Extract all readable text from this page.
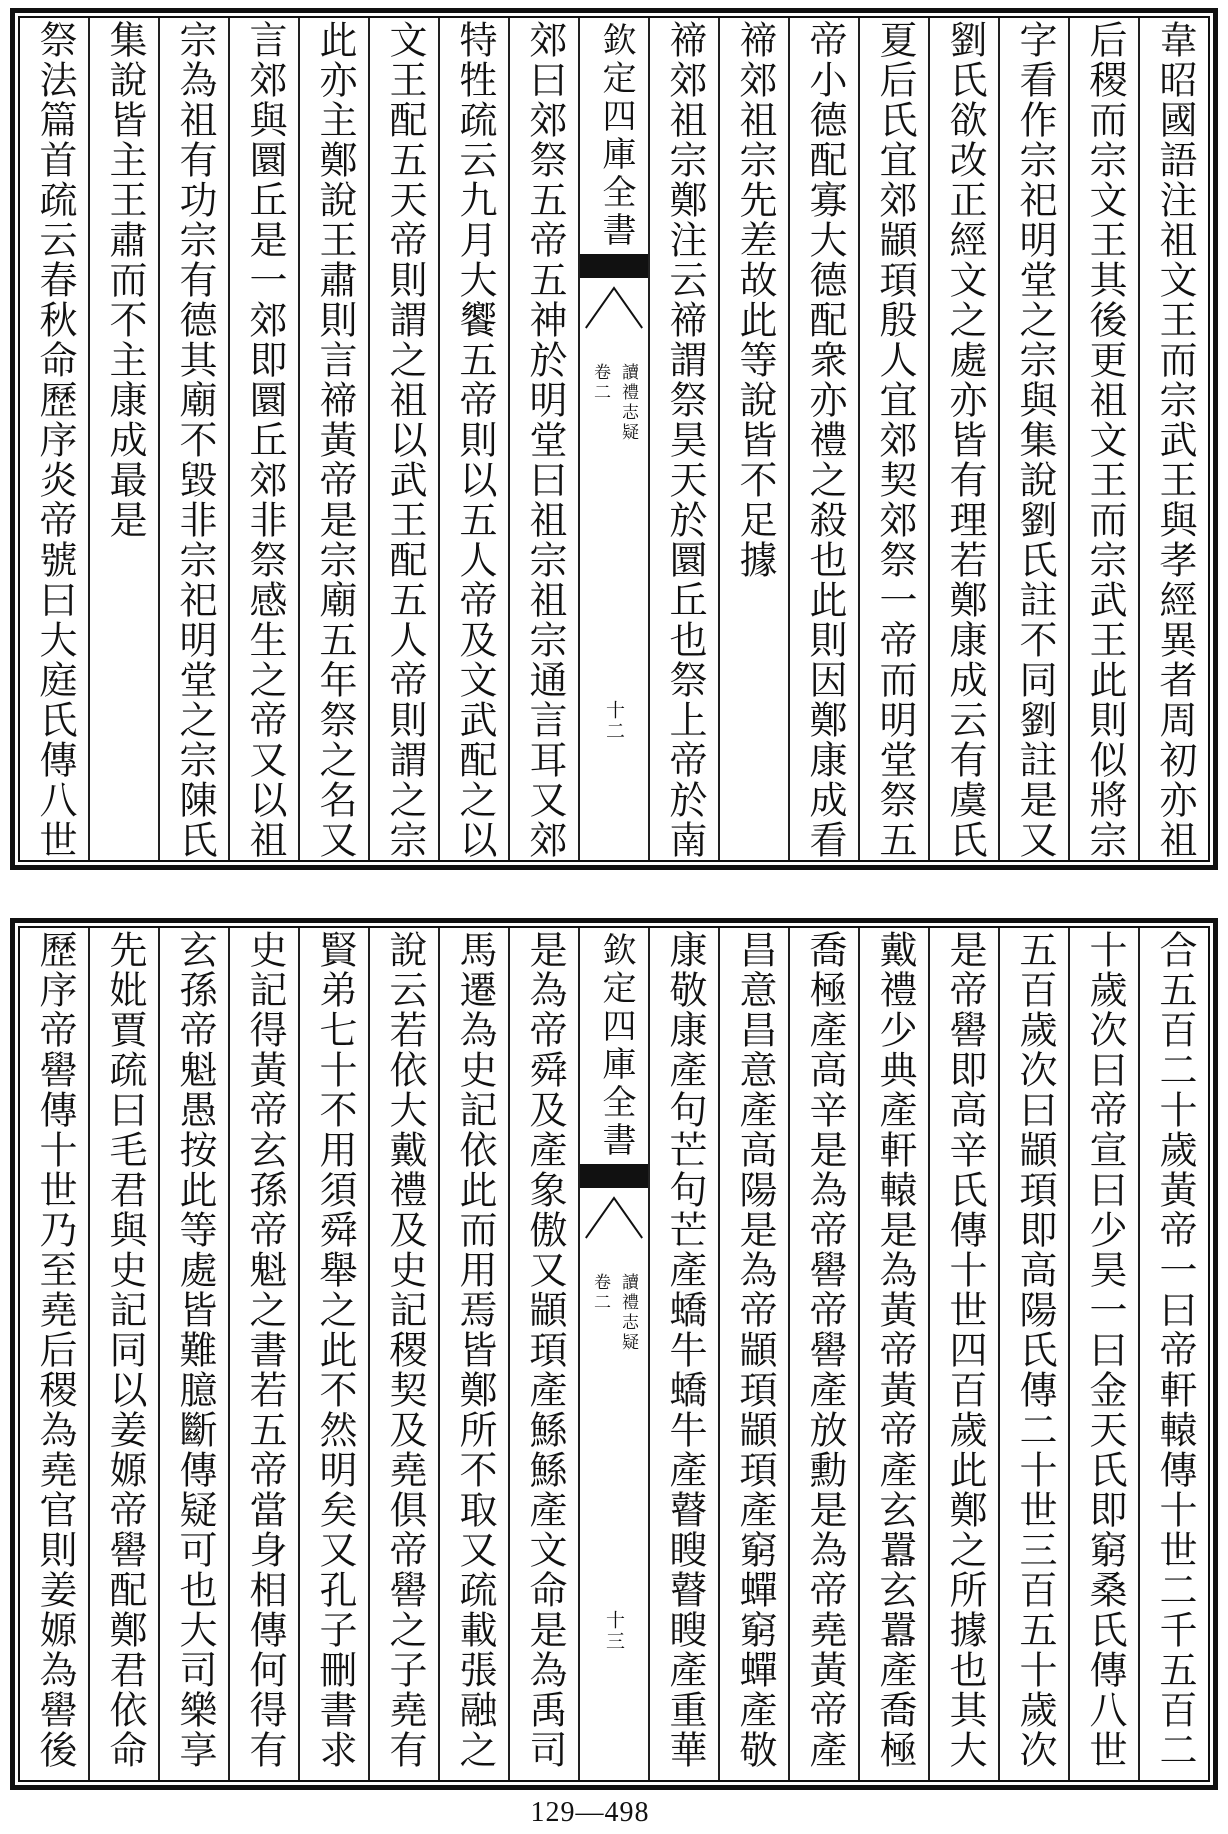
韋昭國語注祖文王而宗武王與孝經異者周初亦祖
后稷而宗文王其後更祖文王而宗武王此則似將宗
字看作宗祀明堂之宗與集說劉氏註不同劉註是又
劉氏欲改正經文之處亦皆有理若鄭康成云有虞氏
夏后氏宜郊顓頊殷人宜郊契郊祭一帝而明堂祭五
帝小德配寡大德配衆亦禮之殺也此則因鄭康成看
禘郊祖宗先差故此等說皆不足據
禘郊祖宗鄭注云禘謂祭昊天於圜丘也祭上帝於南
欽定四庫全書
讀禮志疑
卷二
十二
郊曰郊祭五帝五神於明堂曰祖宗祖宗通言耳又郊
特牲疏云九月大饗五帝則以五人帝及文武配之以
文王配五天帝則謂之祖以武王配五人帝則謂之宗
此亦主鄭說王肅則言禘黃帝是宗廟五年祭之名又
言郊與圜丘是一郊即圜丘郊非祭感生之帝又以祖
宗為祖有功宗有德其廟不毀非宗祀明堂之宗陳氏
集說皆主王肅而不主康成最是
祭法篇首疏云春秋命歷序炎帝號曰大庭氏傳八世
合五百二十歲黃帝一曰帝軒轅傳十世二千五百二
十歲次曰帝宣曰少昊一曰金天氏即窮桑氏傳八世
五百歲次曰顓頊即高陽氏傳二十世三百五十歲次
是帝嚳即高辛氏傳十世四百歲此鄭之所據也其大
戴禮少典產軒轅是為黃帝黃帝產玄囂玄囂產喬極
喬極產高辛是為帝嚳帝嚳產放勳是為帝堯黃帝產
昌意昌意產高陽是為帝顓頊顓頊產窮蟬窮蟬產敬
康敬康產句芒句芒產蟜牛蟜牛產瞽瞍瞽瞍產重華
欽定四庫全書
讀禮志疑
卷二
十三
是為帝舜及產象傲又顓頊產鯀鯀產文命是為禹司
馬遷為史記依此而用焉皆鄭所不取又疏載張融之
說云若依大戴禮及史記稷契及堯俱帝嚳之子堯有
賢弟七十不用須舜舉之此不然明矣又孔子刪書求
史記得黃帝玄孫帝魁之書若五帝當身相傳何得有
玄孫帝魁愚按此等處皆難臆斷傳疑可也大司樂享
先妣賈疏曰毛君與史記同以姜嫄帝嚳配鄭君依命
歷序帝嚳傳十世乃至堯后稷為堯官則姜嫄為嚳後
129—498
